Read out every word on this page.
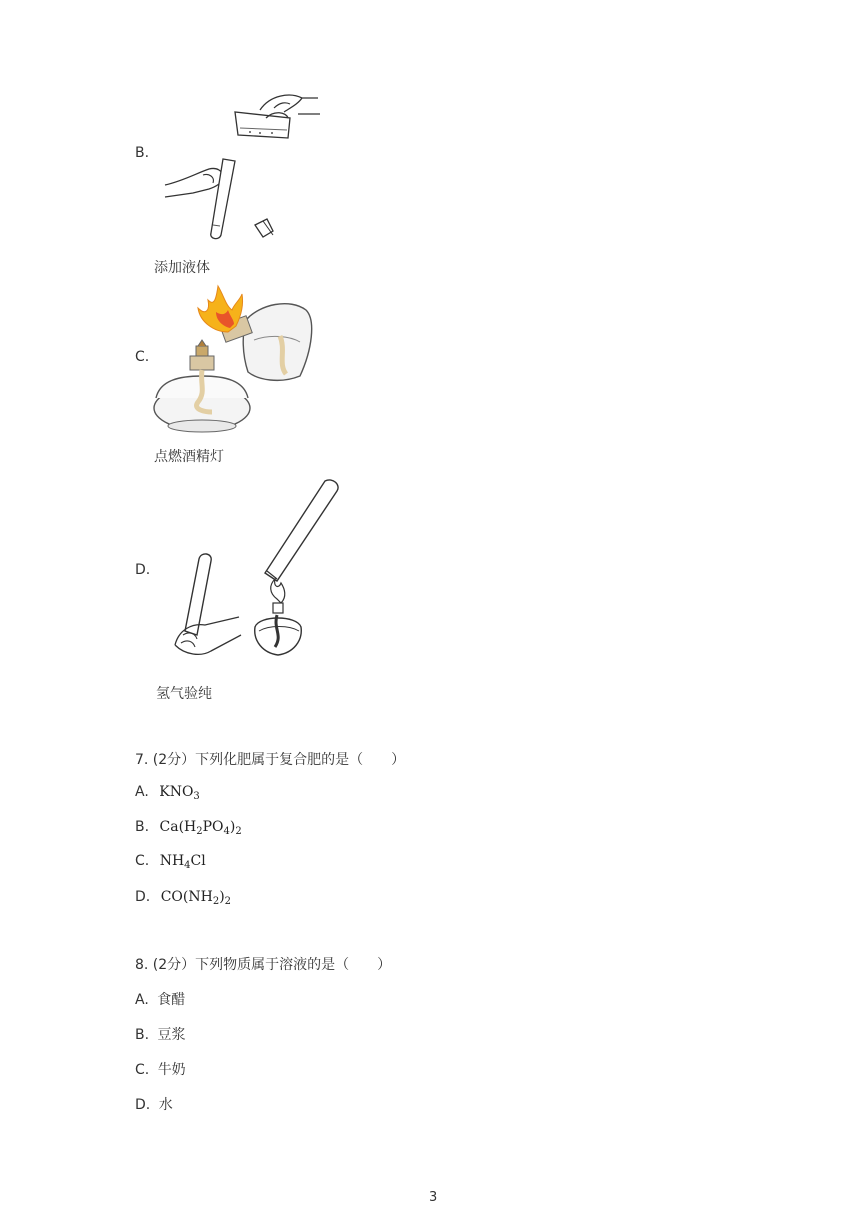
B.
添加液体
C.
点燃酒精灯
D.
氢气验纯
7. (2分）下列化肥属于复合肥的是（　　）
A. $KNO_3$
B. $Ca(H_2PO_4)_2$
C. $NH_4Cl$
D. $CO(NH_2)_2$
8. (2分）下列物质属于溶液的是（　　）
A. 食醋
B. 豆浆
C. 牛奶
D. 水
3
